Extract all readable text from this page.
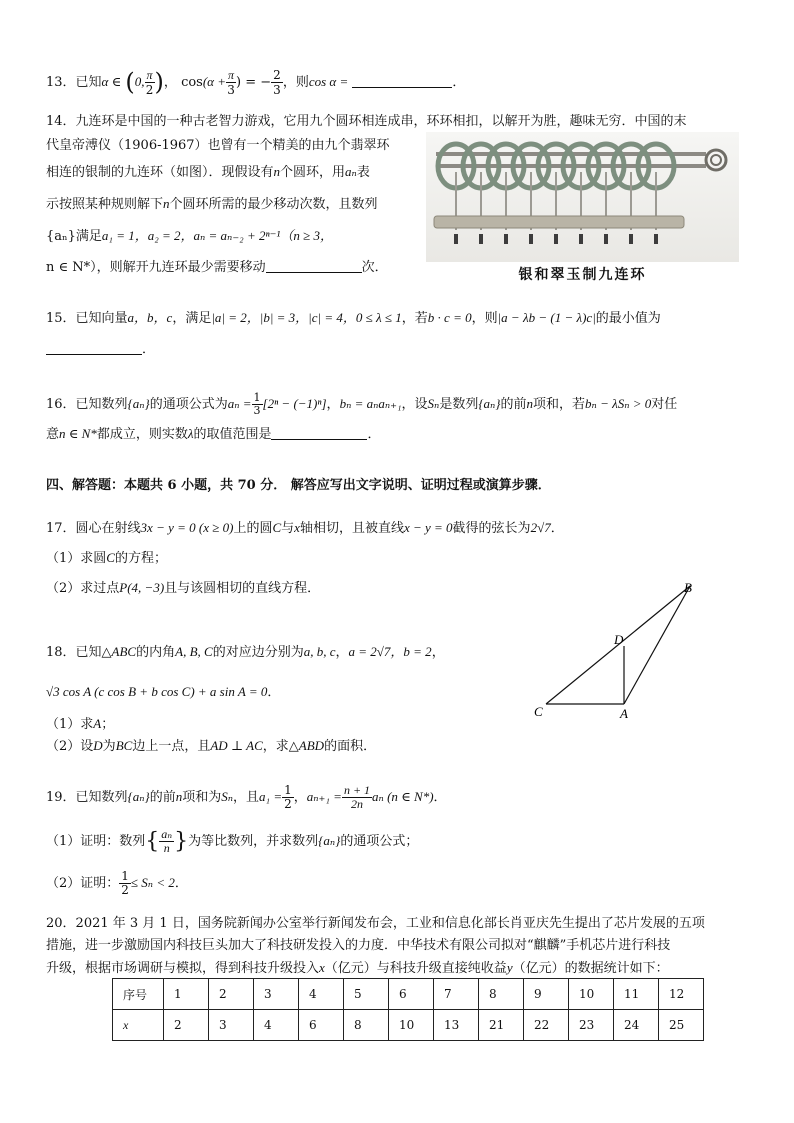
13．已知α ∈ (0, $\frac{\pi}{2}$ )， $\cos(\alpha + \frac{\pi}{3}$ ) = − $\frac{2}{3}$ ，则cos α =	．
14．九连环是中国的一种古老智力游戏，它用九个圆环相连成串，环环相扣，以解开为胜，趣味无穷．中国的末
代皇帝溥仪（1906-1967）也曾有一个精美的由九个翡翠环
相连的银制的九连环（如图）．现假设有n个圆环，用aₙ表
示按照某种规则解下n个圆环所需的最少移动次数，且数列
{aₙ}满足a₁ = 1，a₂ = 2，aₙ = aₙ₋₂ + 2ⁿ⁻¹（n ≥ 3，
n ∈ N*），则解开九连环最少需要移动	次．	银和翠玉制九连环
15．已知向量a，b，c，满足|a| = 2，|b| = 3，|c| = 4，0 ≤ λ ≤ 1，若b · c = 0，则|a − λb − (1 − λ)c|的最小值为
．
16．已知数列{aₙ}的通项公式为$a_n = \frac{1}{3} [2^n - (-1)^n]$，bₙ = aₙaₙ₊₁，设Sₙ是数列{aₙ}的前n项和，若bₙ − λSₙ > 0对任
意n ∈ N*都成立，则实数λ的取值范围是	．
四、解答题：本题共 6 小题，共 70 分． 解答应写出文字说明、证明过程或演算步骤．
17．圆心在射线3x − y = 0 (x ≥ 0)上的圆C与x轴相切，且被直线x − y = 0截得的弦长为2√7．
（1）求圆C的方程；
（2）求过点P(4, −3)且与该圆相切的直线方程．
C	A
B
D
18．已知△ABC的内角A, B, C的对应边分别为a, b, c，a = 2√7，b = 2，
√3 cos A (c cos B + b cos C) + a sin A = 0．
（1）求A；
（2）设D为BC边上一点，且AD ⊥ AC，求△ABD的面积．
19．已知数列{aₙ}的前n项和为Sₙ，且$a_1 = \frac{1}{2}$ ，$a_{n+1} = \frac{n + 1}{2n}$ aₙ (n ∈ N*)．
（1）证明：数列{ $\frac{\text{aₙ}}{n}$ }为等比数列，并求数列{aₙ}的通项公式；
（2）证明： $\frac{1}{2} \le S_n < 2$．
20．2021 年 3 月 1 日，国务院新闻办公室举行新闻发布会，工业和信息化部长肖亚庆先生提出了芯片发展的五项
措施，进一步激励国内科技巨头加大了科技研发投入的力度．中华技术有限公司拟对“麒麟”手机芯片进行科技
升级，根据市场调研与模拟，得到科技升级投入x（亿元）与科技升级直接纯收益y（亿元）的数据统计如下：
序号	1	2	3	4	5	6	7	8	9	10	11	12
x	2	3	4	6	8	10	13	21	22	23	24	25
